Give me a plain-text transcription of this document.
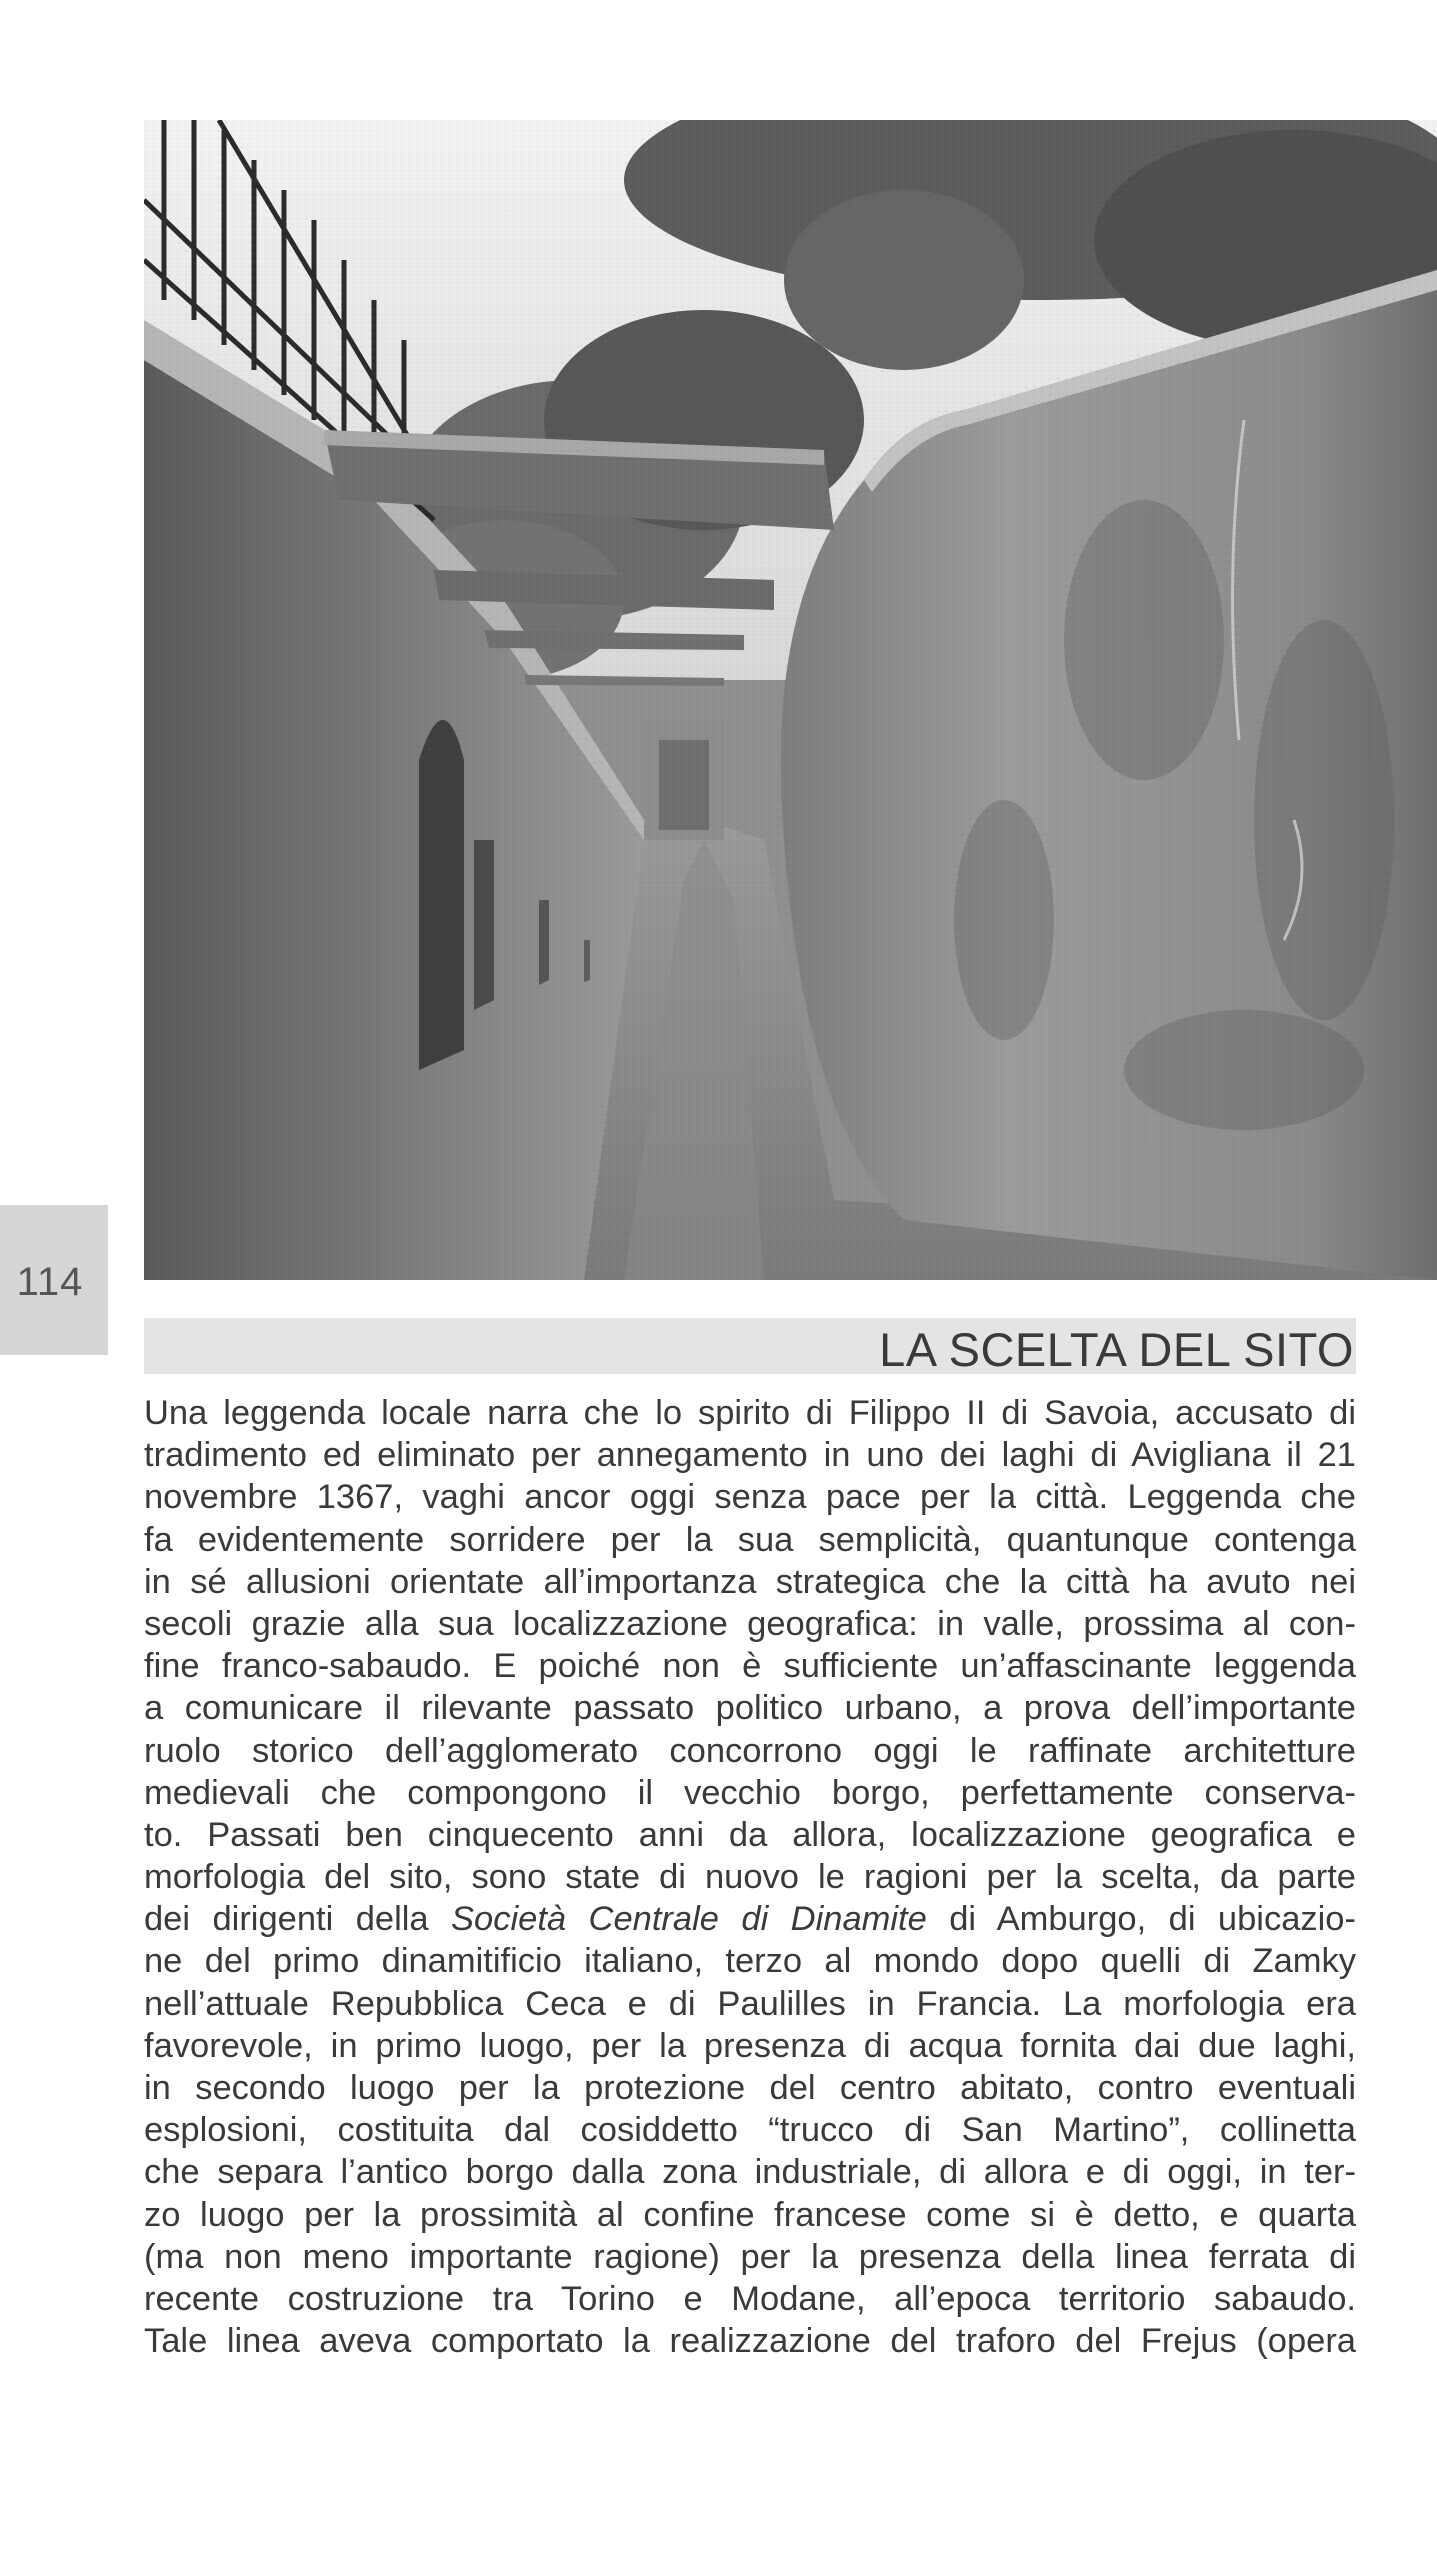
114
LA SCELTA DEL SITO
Una leggenda locale narra che lo spirito di Filippo II di Savoia, accusato di
tradimento ed eliminato per annegamento in uno dei laghi di Avigliana il 21
novembre 1367, vaghi ancor oggi senza pace per la città. Leggenda che
fa evidentemente sorridere per la sua semplicità, quantunque contenga
in sé allusioni orientate all’importanza strategica che la città ha avuto nei
secoli grazie alla sua localizzazione geografica: in valle, prossima al con-
fine franco-sabaudo. E poiché non è sufficiente un’affascinante leggenda
a comunicare il rilevante passato politico urbano, a prova dell’importante
ruolo storico dell’agglomerato concorrono oggi le raffinate architetture
medievali che compongono il vecchio borgo, perfettamente conserva-
to. Passati ben cinquecento anni da allora, localizzazione geografica e
morfologia del sito, sono state di nuovo le ragioni per la scelta, da parte
dei dirigenti della Società Centrale di Dinamite di Amburgo, di ubicazio-
ne del primo dinamitificio italiano, terzo al mondo dopo quelli di Zamky
nell’attuale Repubblica Ceca e di Paulilles in Francia. La morfologia era
favorevole, in primo luogo, per la presenza di acqua fornita dai due laghi,
in secondo luogo per la protezione del centro abitato, contro eventuali
esplosioni, costituita dal cosiddetto “trucco di San Martino”, collinetta
che separa l’antico borgo dalla zona industriale, di allora e di oggi, in ter-
zo luogo per la prossimità al confine francese come si è detto, e quarta
(ma non meno importante ragione) per la presenza della linea ferrata di
recente costruzione tra Torino e Modane, all’epoca territorio sabaudo.
Tale linea aveva comportato la realizzazione del traforo del Frejus (opera
